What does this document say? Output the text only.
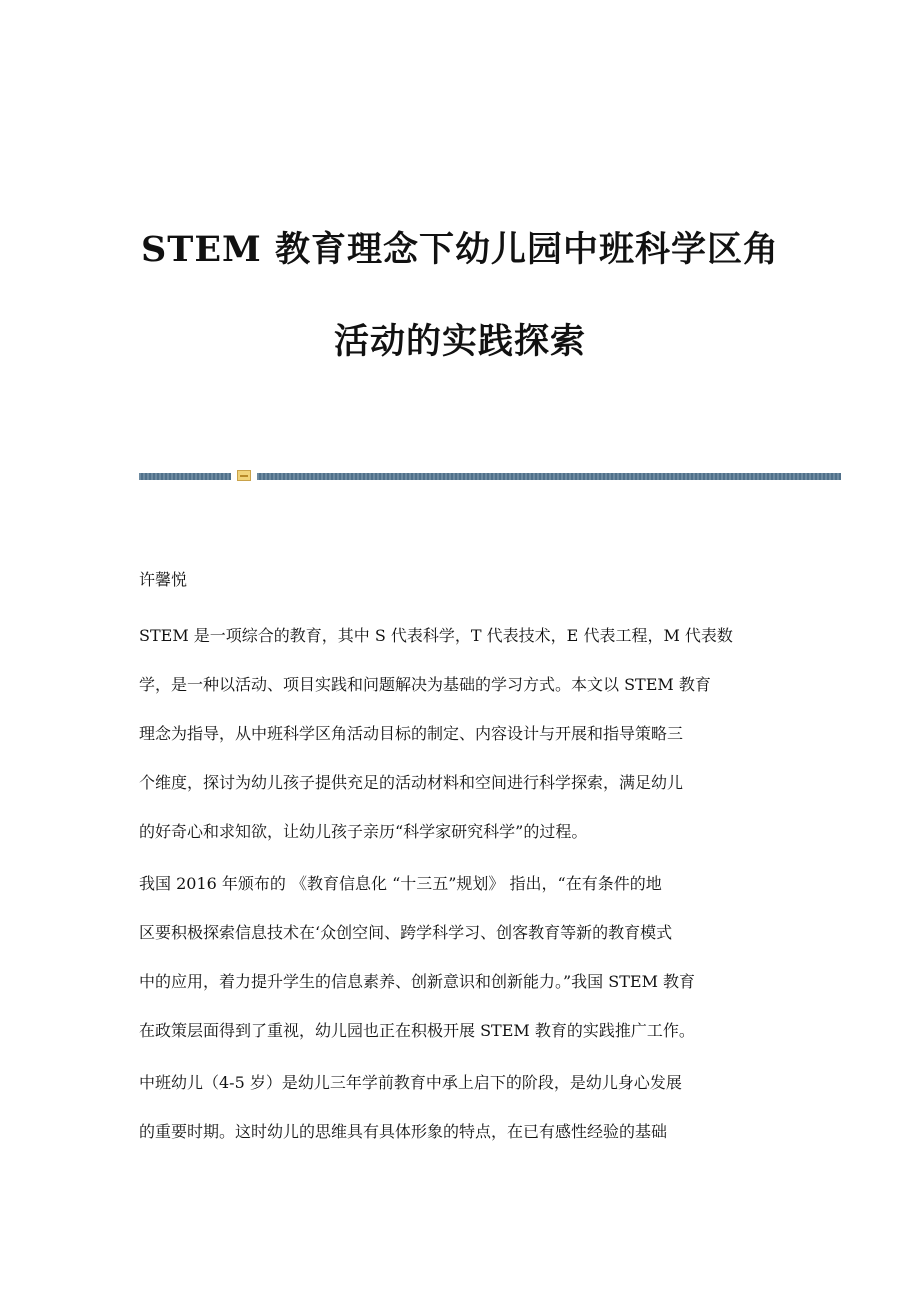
STEM 教育理念下幼儿园中班科学区角
活动的实践探索
许馨悦
STEM 是一项综合的教育，其中 S 代表科学，T 代表技术，E 代表工程，M 代表数
学，是一种以活动、项目实践和问题解决为基础的学习方式。本文以 STEM 教育
理念为指导，从中班科学区角活动目标的制定、内容设计与开展和指导策略三
个维度，探讨为幼儿孩子提供充足的活动材料和空间进行科学探索，满足幼儿
的好奇心和求知欲，让幼儿孩子亲历“科学家研究科学”的过程。
我国 2016 年颁布的 《教育信息化 “十三五”规划》 指出，“在有条件的地
区要积极探索信息技术在‘众创空间、跨学科学习、创客教育等新的教育模式
中的应用，着力提升学生的信息素养、创新意识和创新能力。”我国 STEM 教育
在政策层面得到了重视，幼儿园也正在积极开展 STEM 教育的实践推广工作。
中班幼儿（4-5 岁）是幼儿三年学前教育中承上启下的阶段，是幼儿身心发展
的重要时期。这时幼儿的思维具有具体形象的特点，在已有感性经验的基础
